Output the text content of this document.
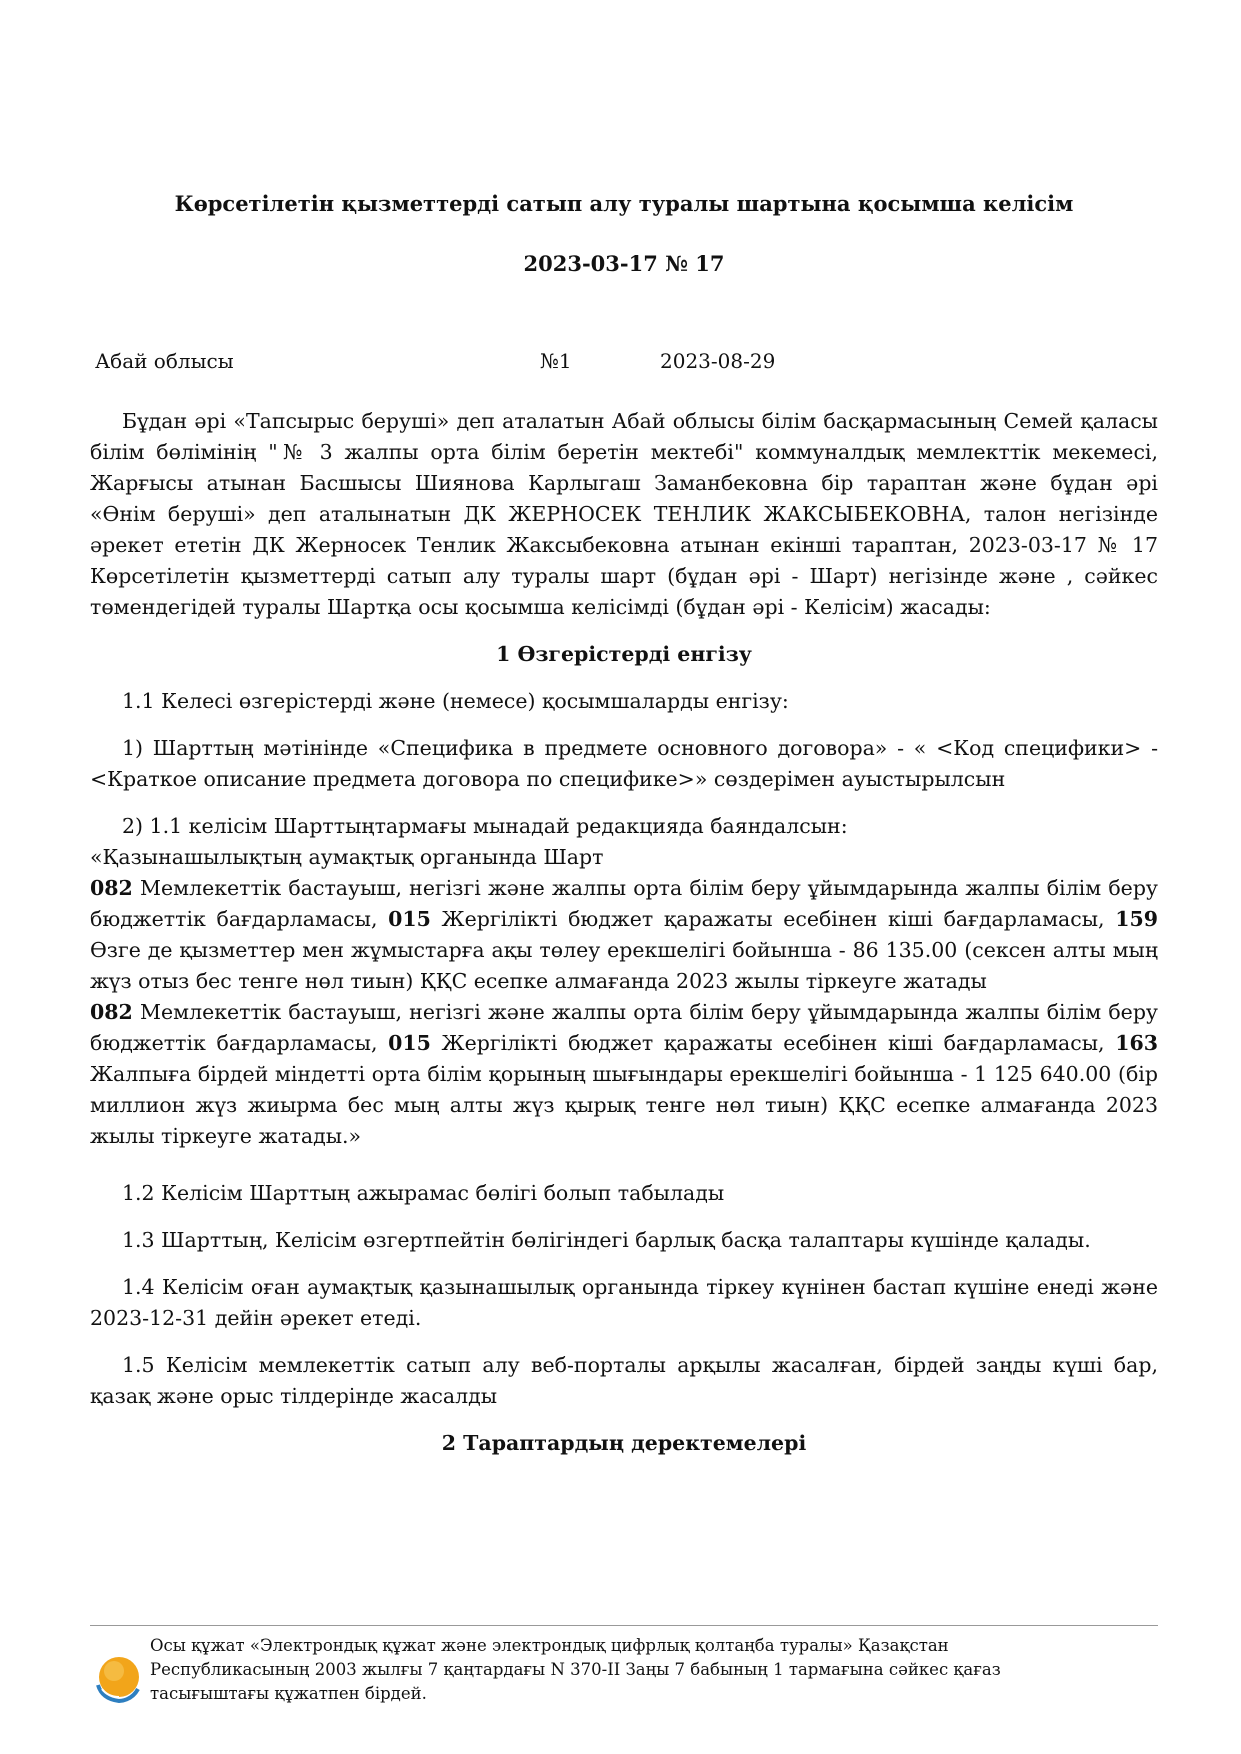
Көрсетілетін қызметтерді сатып алу туралы шартына қосымша келісім
2023-03-17 № 17
Абай облысы	№1	2023-08-29

Бұдан әрі «Тапсырыс беруші» деп аталатын Абай облысы білім басқармасының Семей қаласы білім бөлімінің "№ 3 жалпы орта білім беретін мектебі" коммуналдық мемлекттік мекемесі, Жарғысы атынан Басшысы Шиянова Карлыгаш Заманбековна бір тараптан және бұдан әрі «Өнім беруші» деп аталынатын ДК ЖЕРНОСЕК ТЕНЛИК ЖАКСЫБЕКОВНА, талон негізінде әрекет ететін ДК Жерносек Тенлик Жаксыбековна атынан екінші тараптан, 2023-03-17 № 17 Көрсетілетін қызметтерді сатып алу туралы шарт (бұдан әрі - Шарт) негізінде және , сәйкес төмендегідей туралы Шартқа осы қосымша келісімді (бұдан әрі - Келісім) жасады:

1 Өзгерістерді енгізу

1.1 Келесі өзгерістерді және (немесе) қосымшаларды енгізу:

1) Шарттың мәтінінде «Специфика в предмете основного договора» - « <Код специфики> - <Краткое описание предмета договора по специфике>» сөздерімен ауыстырылсын

2) 1.1 келісім Шарттыңтармағы мынадай редакцияда баяндалсын:

«Қазынашылықтың аумақтық органында Шарт

082 Мемлекеттік бастауыш, негізгі және жалпы орта білім беру ұйымдарында жалпы білім беру бюджеттік бағдарламасы, 015 Жергілікті бюджет қаражаты есебінен кіші бағдарламасы, 159 Өзге де қызметтер мен жұмыстарға ақы төлеу ерекшелігі бойынша - 86 135.00 (сексен алты мың жүз отыз бес тенге нөл тиын) ҚҚС есепке алмағанда 2023 жылы тіркеуге жатады

082 Мемлекеттік бастауыш, негізгі және жалпы орта білім беру ұйымдарында жалпы білім беру бюджеттік бағдарламасы, 015 Жергілікті бюджет қаражаты есебінен кіші бағдарламасы, 163 Жалпыға бірдей міндетті орта білім қорының шығындары ерекшелігі бойынша - 1 125 640.00 (бір миллион жүз жиырма бес мың алты жүз қырық тенге нөл тиын) ҚҚС есепке алмағанда 2023 жылы тіркеуге жатады.»

1.2 Келісім Шарттың ажырамас бөлігі болып табылады

1.3 Шарттың, Келісім өзгертпейтін бөлігіндегі барлық басқа талаптары күшінде қалады.

1.4 Келісім оған аумақтық қазынашылық органында тіркеу күнінен бастап күшіне енеді және 2023-12-31 дейін әрекет етеді.

1.5 Келісім мемлекеттік сатып алу веб-порталы арқылы жасалған, бірдей заңды күші бар, қазақ және орыс тілдерінде жасалды

2 Тараптардың деректемелері

Осы құжат «Электрондық құжат және электрондық цифрлық қолтаңба туралы» Қазақстан Республикасының 2003 жылғы 7 қаңтардағы N 370-ІІ Заңы 7 бабының 1 тармағына сәйкес қағаз тасығыштағы құжатпен бірдей.
